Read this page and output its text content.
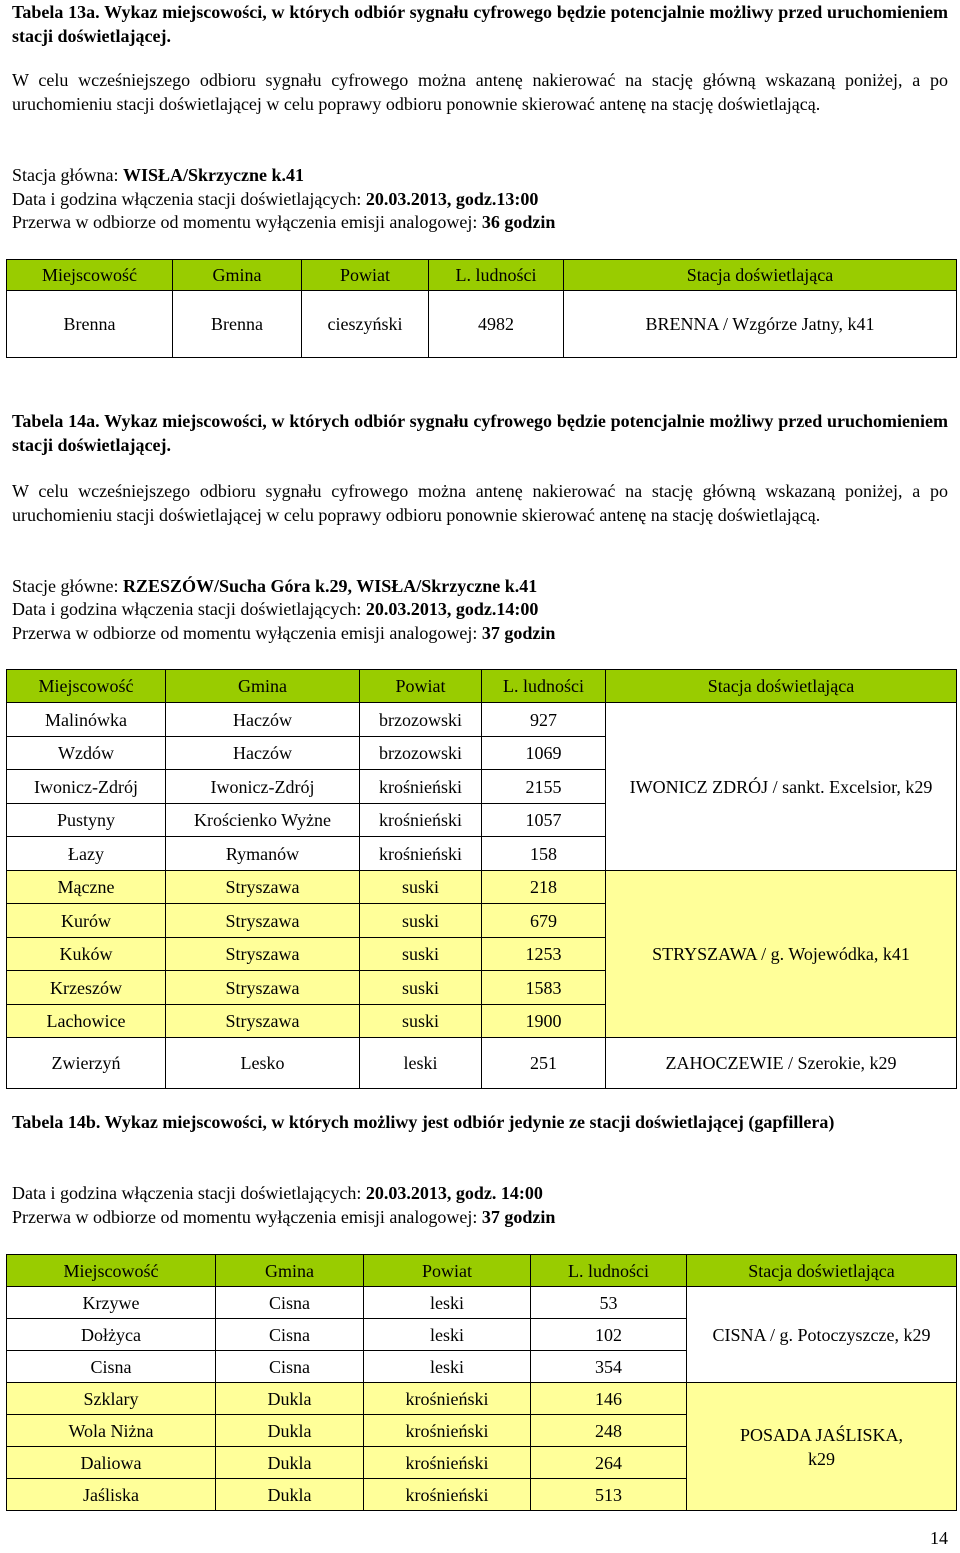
Tabela 13a. Wykaz miejscowości, w których odbiór sygnału cyfrowego będzie potencjalnie możliwy przed uruchomieniem stacji doświetlającej.
W celu wcześniejszego odbioru sygnału cyfrowego można antenę nakierować na stację główną wskazaną poniżej, a po uruchomieniu stacji doświetlającej w celu poprawy odbioru ponownie skierować antenę na stację doświetlającą.
Stacja główna: WISŁA/Skrzyczne k.41
Data i godzina włączenia stacji doświetlających: 20.03.2013, godz.13:00
Przerwa w odbiorze od momentu wyłączenia emisji analogowej: 36 godzin
Miejscowość	Gmina	Powiat	L. ludności	Stacja doświetlająca
Brenna	Brenna	cieszyński	4982	BRENNA / Wzgórze Jatny, k41
Tabela 14a. Wykaz miejscowości, w których odbiór sygnału cyfrowego będzie potencjalnie możliwy przed uruchomieniem stacji doświetlającej.
W celu wcześniejszego odbioru sygnału cyfrowego można antenę nakierować na stację główną wskazaną poniżej, a po uruchomieniu stacji doświetlającej w celu poprawy odbioru ponownie skierować antenę na stację doświetlającą.
Stacje główne: RZESZÓW/Sucha Góra k.29, WISŁA/Skrzyczne k.41
Data i godzina włączenia stacji doświetlających: 20.03.2013, godz.14:00
Przerwa w odbiorze od momentu wyłączenia emisji analogowej: 37 godzin
Miejscowość	Gmina	Powiat	L. ludności	Stacja doświetlająca
Malinówka	Haczów	brzozowski	927	IWONICZ ZDRÓJ / sankt. Excelsior, k29
Wzdów	Haczów	brzozowski	1069	
Iwonicz-Zdrój	Iwonicz-Zdrój	krośnieński	2155	
Pustyny	Krościenko Wyżne	krośnieński	1057	
Łazy	Rymanów	krośnieński	158	
Mączne	Stryszawa	suski	218	STRYSZAWA / g. Wojewódka, k41
Kurów	Stryszawa	suski	679	
Kuków	Stryszawa	suski	1253	
Krzeszów	Stryszawa	suski	1583	
Lachowice	Stryszawa	suski	1900	
Zwierzyń	Lesko	leski	251	ZAHOCZEWIE / Szerokie, k29
Tabela 14b. Wykaz miejscowości, w których możliwy jest odbiór jedynie ze stacji doświetlającej (gapfillera)
Data i godzina włączenia stacji doświetlających: 20.03.2013, godz. 14:00
Przerwa w odbiorze od momentu wyłączenia emisji analogowej: 37 godzin
Miejscowość	Gmina	Powiat	L. ludności	Stacja doświetlająca
Krzywe	Cisna	leski	53	CISNA / g. Potoczyszcze, k29
Dołżyca	Cisna	leski	102	
Cisna	Cisna	leski	354	
Szklary	Dukla	krośnieński	146	POSADA JAŚLISKA, k29
Wola Niżna	Dukla	krośnieński	248	
Daliowa	Dukla	krośnieński	264	
Jaśliska	Dukla	krośnieński	513	
14
